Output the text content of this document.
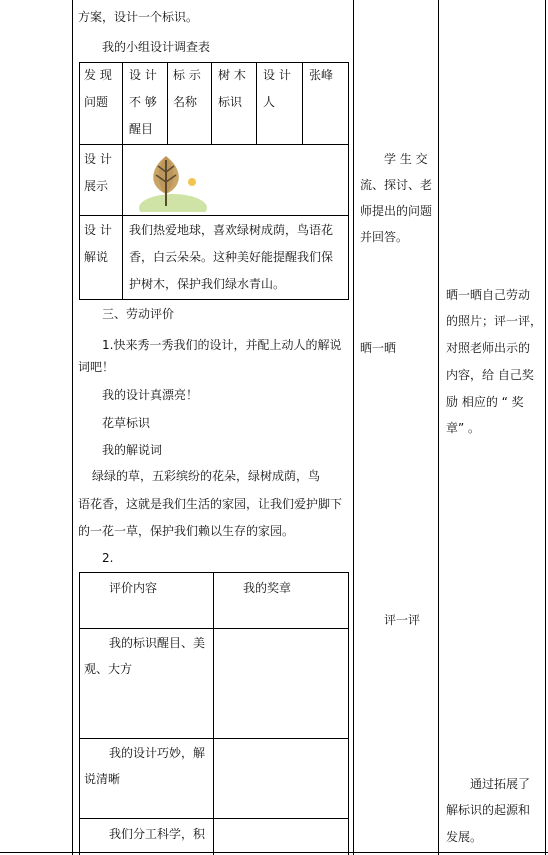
方案，设计一个标识。
我的小组设计调查表
发 现
问题
设 计
不 够
醒目
标 示
名称
树 木
标识
设 计
人
张峰
设 计
展示
设 计
解说
我们热爱地球，喜欢绿树成荫，鸟语花
香，白云朵朵。这种美好能提醒我们保
护树木，保护我们绿水青山。
三、劳动评价
1.快来秀一秀我们的设计，并配上动人的解说
词吧！
我的设计真漂亮！
花草标识
我的解说词
绿绿的草，五彩缤纷的花朵，绿树成荫，鸟
语花香，这就是我们生活的家园，让我们爱护脚下
的一花一草，保护我们赖以生存的家园。
2.
评价内容	我的奖章
我的标识醒目、美
观、大方
我的设计巧妙，解
说清晰
我们分工科学，积
学 生 交
流、探讨、老
师提出的问题
并回答。
晒一晒
评一评
晒一晒自己劳动
的照片；评一评，
对照老师出示的
内容，给 自己奖
励 相应的 “ 奖
章” 。
通过拓展了
解标识的起源和
发展。
